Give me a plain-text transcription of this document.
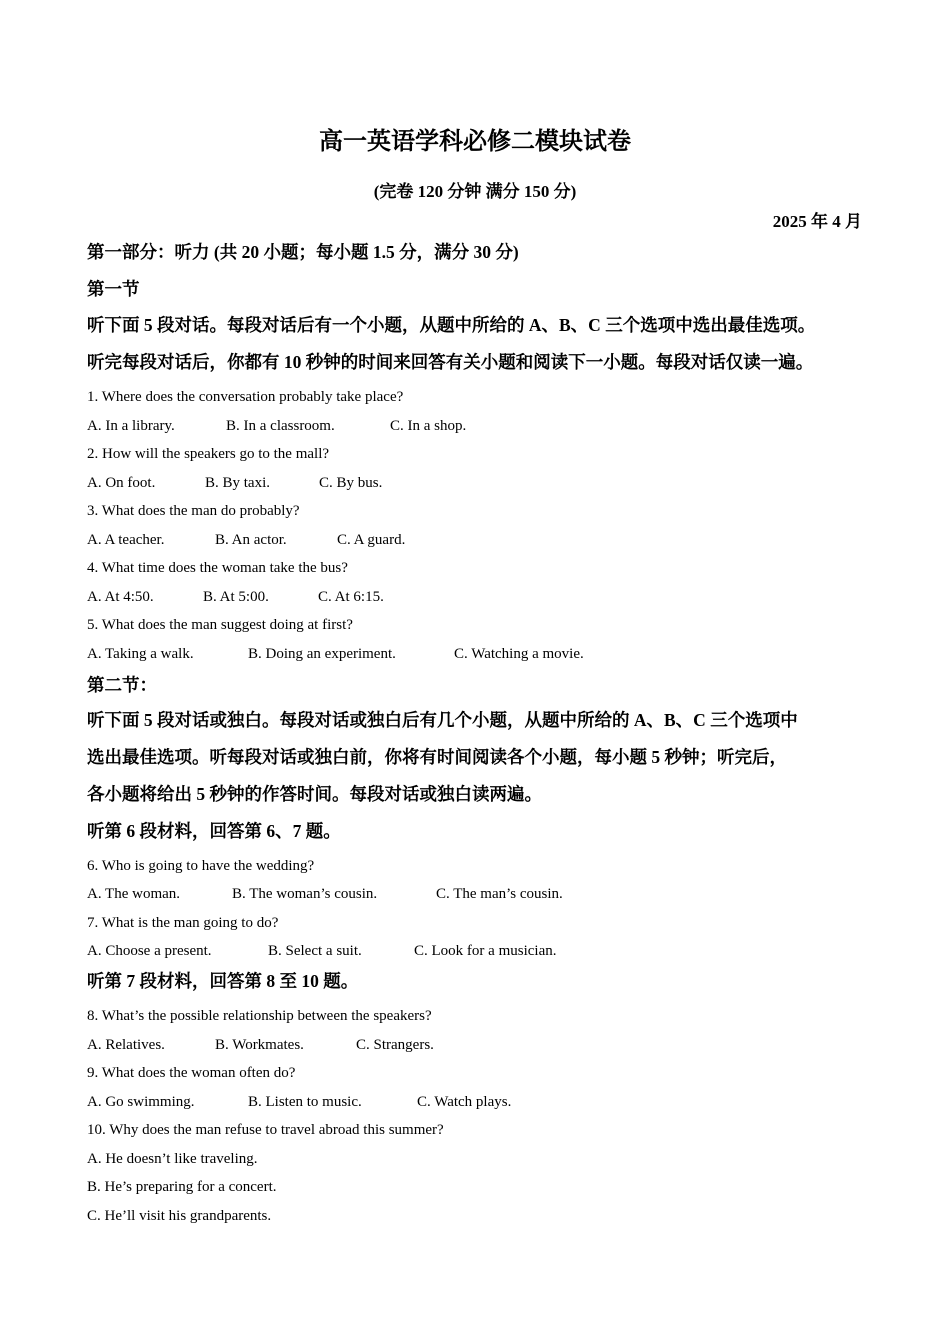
高一英语学科必修二模块试卷
(完卷 120 分钟 满分 150 分)
2025 年 4 月
第一部分：听力 (共 20 小题；每小题 1.5 分，满分 30 分)
第一节
听下面 5 段对话。每段对话后有一个小题，从题中所给的 A、B、C 三个选项中选出最佳选项。
听完每段对话后，你都有 10 秒钟的时间来回答有关小题和阅读下一小题。每段对话仅读一遍。
1. Where does the conversation probably take place?
A. In a library.	B. In a classroom.	C. In a shop.
2. How will the speakers go to the mall?
A. On foot.	B. By taxi.	C. By bus.
3. What does the man do probably?
A. A teacher.	B. An actor.	C. A guard.
4. What time does the woman take the bus?
A. At 4:50.	B. At 5:00.	C. At 6:15.
5. What does the man suggest doing at first?
A. Taking a walk.	B. Doing an experiment.	C. Watching a movie.
第二节：
听下面 5 段对话或独白。每段对话或独白后有几个小题，从题中所给的 A、B、C 三个选项中
选出最佳选项。听每段对话或独白前，你将有时间阅读各个小题，每小题 5 秒钟；听完后，
各小题将给出 5 秒钟的作答时间。每段对话或独白读两遍。
听第 6 段材料，回答第 6、7 题。
6. Who is going to have the wedding?
A. The woman.	B. The woman’s cousin.	C. The man’s cousin.
7. What is the man going to do?
A. Choose a present.	B. Select a suit.	C. Look for a musician.
听第 7 段材料，回答第 8 至 10 题。
8. What’s the possible relationship between the speakers?
A. Relatives.	B. Workmates.	C. Strangers.
9. What does the woman often do?
A. Go swimming.	B. Listen to music.	C. Watch plays.
10. Why does the man refuse to travel abroad this summer?
A. He doesn’t like traveling.
B. He’s preparing for a concert.
C. He’ll visit his grandparents.
